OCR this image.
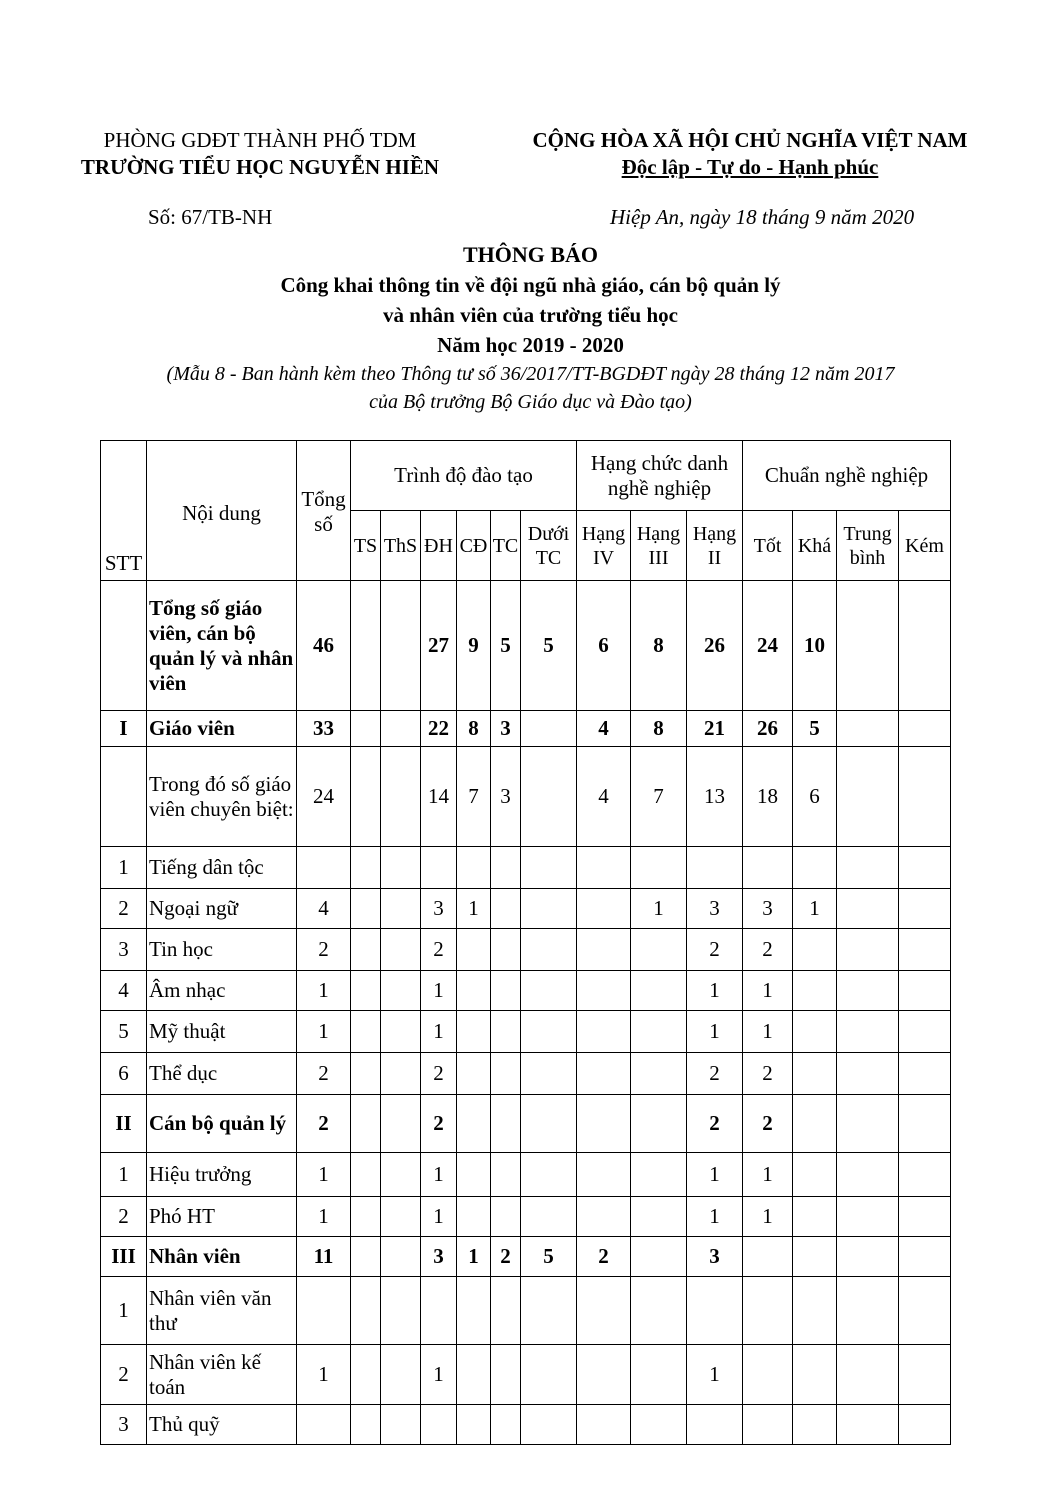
PHÒNG GDĐT THÀNH PHỐ TDM
TRƯỜNG TIỂU HỌC NGUYỄN HIỀN
CỘNG HÒA XÃ HỘI CHỦ NGHĨA VIỆT NAM
Độc lập - Tự do - Hạnh phúc
Số: 67/TB-NH	Hiệp An, ngày 18 tháng 9 năm 2020
THÔNG BÁO
Công khai thông tin về đội ngũ nhà giáo, cán bộ quản lý
và nhân viên của trường tiểu học
Năm học 2019 - 2020
(Mẫu 8 - Ban hành kèm theo Thông tư số 36/2017/TT-BGDĐT ngày 28 tháng 12 năm 2017
của Bộ trưởng Bộ Giáo dục và Đào tạo)
STT	Nội dung	Tổng số	Trình độ đào tạo						Hạng chức danh nghề nghiệp			Chuẩn nghề nghiệp			
			TS	ThS	ĐH	CĐ	TC	Dưới TC	Hạng IV	Hạng III	Hạng II	Tốt	Khá	Trung bình	Kém
	Tổng số giáo viên, cán bộ quản lý và nhân viên	46			27	9	5	5	6	8	26	24	10		
I	Giáo viên	33			22	8	3		4	8	21	26	5		
	Trong đó số giáo viên chuyên biệt:	24			14	7	3		4	7	13	18	6		
1	Tiếng dân tộc														
2	Ngoại ngữ	4			3	1				1	3	3	1		
3	Tin học	2			2						2	2			
4	Âm nhạc	1			1						1	1			
5	Mỹ thuật	1			1						1	1			
6	Thể dục	2			2						2	2			
II	Cán bộ quản lý	2			2						2	2			
1	Hiệu trưởng	1			1						1	1			
2	Phó HT	1			1						1	1			
III	Nhân viên	11			3	1	2	5	2		3				
1	Nhân viên văn thư														
2	Nhân viên kế toán	1			1						1				
3	Thủ quỹ														
